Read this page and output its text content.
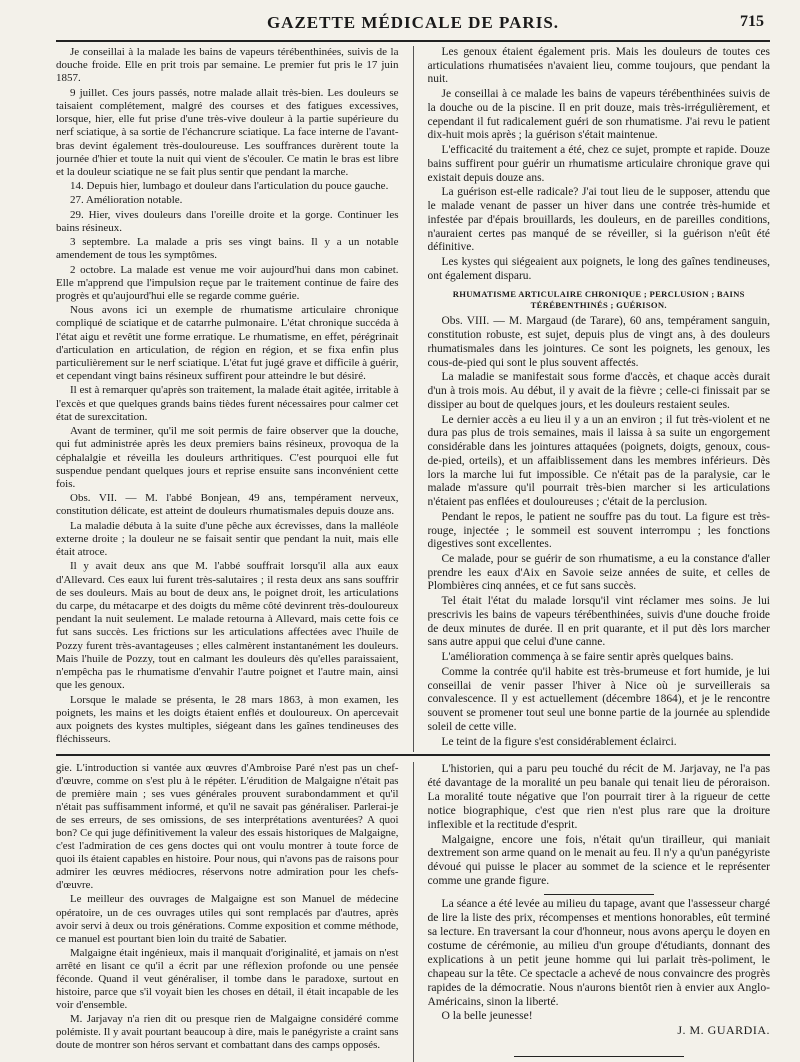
GAZETTE MÉDICALE DE PARIS.	715

Je conseillai à la malade les bains de vapeurs térébenthinées, suivis de la douche froide. Elle en prit trois par semaine. Le premier fut pris le 17 juin 1857.

9 juillet. Ces jours passés, notre malade allait très-bien. Les douleurs se taisaient complétement, malgré des courses et des fatigues excessives, lorsque, hier, elle fut prise d'une très-vive douleur à la partie supérieure du nerf sciatique, à sa sortie de l'échancrure sciatique. La face interne de l'avant-bras devint également très-douloureuse. Les souffrances durèrent toute la journée d'hier et toute la nuit qui vient de s'écouler. Ce matin le bras est libre et la douleur sciatique ne se fait plus sentir que pendant la marche.

14. Depuis hier, lumbago et douleur dans l'articulation du pouce gauche.

27. Amélioration notable.

29. Hier, vives douleurs dans l'oreille droite et la gorge. Continuer les bains résineux.

3 septembre. La malade a pris ses vingt bains. Il y a un notable amendement de tous les symptômes.

2 octobre. La malade est venue me voir aujourd'hui dans mon cabinet. Elle m'apprend que l'impulsion reçue par le traitement continue de faire des progrès et qu'aujourd'hui elle se regarde comme guérie.

Nous avons ici un exemple de rhumatisme articulaire chronique compliqué de sciatique et de catarrhe pulmonaire. L'état chronique succéda à l'état aigu et revêtit une forme erratique. Le rhumatisme, en effet, pérégrinait d'articulation en articulation, de région en région, et se fixa enfin plus particulièrement sur le nerf sciatique. L'état fut jugé grave et difficile à guérir, et cependant vingt bains résineux suffirent pour atteindre le but désiré.

Il est à remarquer qu'après son traitement, la malade était agitée, irritable à l'excès et que quelques grands bains tièdes furent nécessaires pour calmer cet état de surexcitation.

Avant de terminer, qu'il me soit permis de faire observer que la douche, qui fut administrée après les deux premiers bains résineux, provoqua de la céphalalgie et réveilla les douleurs arthritiques. C'est pourquoi elle fut suspendue pendant quelques jours et reprise ensuite sans inconvénient cette fois.

Obs. VII. — M. l'abbé Bonjean, 49 ans, tempérament nerveux, constitution délicate, est atteint de douleurs rhumatismales depuis douze ans.

La maladie débuta à la suite d'une pêche aux écrevisses, dans la malléole externe droite ; la douleur ne se faisait sentir que pendant la nuit, mais elle était atroce.

Il y avait deux ans que M. l'abbé souffrait lorsqu'il alla aux eaux d'Allevard. Ces eaux lui furent très-salutaires ; il resta deux ans sans souffrir de ses douleurs. Mais au bout de deux ans, le poignet droit, les articulations du carpe, du métacarpe et des doigts du même côté devinrent très-douloureux pendant la nuit seulement. Le malade retourna à Allevard, mais cette fois ce fut sans succès. Les frictions sur les articulations affectées avec l'huile de Pozzy furent très-avantageuses ; elles calmèrent instantanément les douleurs. Mais l'huile de Pozzy, tout en calmant les douleurs dès qu'elles paraissaient, n'empêcha pas le rhumatisme d'envahir l'autre poignet et l'autre main, ainsi que les genoux.

Lorsque le malade se présenta, le 28 mars 1863, à mon examen, les poignets, les mains et les doigts étaient enflés et douloureux. On apercevait aux poignets des kystes multiples, siégeant dans les gaînes tendineuses des fléchisseurs.

Les genoux étaient également pris. Mais les douleurs de toutes ces articulations rhumatisées n'avaient lieu, comme toujours, que pendant la nuit.

Je conseillai à ce malade les bains de vapeurs térébenthinées suivis de la douche ou de la piscine. Il en prit douze, mais très-irrégulièrement, et cependant il fut radicalement guéri de son rhumatisme. J'ai revu le patient dix-huit mois après ; la guérison s'était maintenue.

L'efficacité du traitement a été, chez ce sujet, prompte et rapide. Douze bains suffirent pour guérir un rhumatisme articulaire chronique grave qui existait depuis douze ans.

La guérison est-elle radicale? J'ai tout lieu de le supposer, attendu que le malade venant de passer un hiver dans une contrée très-humide et infestée par d'épais brouillards, les douleurs, en de pareilles conditions, n'auraient certes pas manqué de se réveiller, si la guérison n'eût été définitive.

Les kystes qui siégeaient aux poignets, le long des gaînes tendineuses, ont également disparu.

RHUMATISME ARTICULAIRE CHRONIQUE ; PERCLUSION ; BAINS TÉRÉBENTHINÉS ; GUÉRISON.

Obs. VIII. — M. Margaud (de Tarare), 60 ans, tempérament sanguin, constitution robuste, est sujet, depuis plus de vingt ans, à des douleurs rhumatismales dans les jointures. Ce sont les poignets, les genoux, les cous-de-pied qui sont le plus souvent affectés.

La maladie se manifestait sous forme d'accès, et chaque accès durait d'un à trois mois. Au début, il y avait de la fièvre ; celle-ci finissait par se dissiper au bout de quelques jours, et les douleurs restaient seules.

Le dernier accès a eu lieu il y a un an environ ; il fut très-violent et ne dura pas plus de trois semaines, mais il laissa à sa suite un engorgement considérable dans les jointures attaquées (poignets, doigts, genoux, cous-de-pied, orteils), et un affaiblissement dans les membres inférieurs. Dès lors la marche lui fut impossible. Ce n'était pas de la paralysie, car le malade m'assure qu'il pourrait très-bien marcher si les articulations n'étaient pas enflées et douloureuses ; c'était de la perclusion.

Pendant le repos, le patient ne souffre pas du tout. La figure est très-rouge, injectée ; le sommeil est souvent interrompu ; les fonctions digestives sont excellentes.

Ce malade, pour se guérir de son rhumatisme, a eu la constance d'aller prendre les eaux d'Aix en Savoie seize années de suite, et celles de Plombières cinq années, et ce fut sans succès.

Tel était l'état du malade lorsqu'il vint réclamer mes soins. Je lui prescrivis les bains de vapeurs térébenthinées, suivis d'une douche froide de deux minutes de durée. Il en prit quarante, et il put dès lors marcher sans autre appui que celui d'une canne.

L'amélioration commença à se faire sentir après quelques bains.

Comme la contrée qu'il habite est très-brumeuse et fort humide, je lui conseillai de venir passer l'hiver à Nice où je surveillerais sa convalescence. Il y est actuellement (décembre 1864), et je le rencontre souvent se promener tout seul une bonne partie de la journée au splendide soleil de cette ville.

Le teint de la figure s'est considérablement éclairci.

gie. L'introduction si vantée aux œuvres d'Ambroise Paré n'est pas un chef-d'œuvre, comme on s'est plu à le répéter. L'érudition de Malgaigne n'était pas de première main ; ses vues générales prouvent surabondamment et qu'il n'était pas suffisamment informé, et qu'il ne savait pas généraliser. Parlerai-je de ses erreurs, de ses omissions, de ses interprétations aventurées? A quoi bon? Ce qui juge définitivement la valeur des essais historiques de Malgaigne, c'est l'admiration de ces gens doctes qui ont voulu montrer à toute force de quoi ils étaient capables en histoire. Pour nous, qui n'avons pas de raisons pour admirer les œuvres médiocres, réservons notre admiration pour les chefs-d'œuvre.

Le meilleur des ouvrages de Malgaigne est son Manuel de médecine opératoire, un de ces ouvrages utiles qui sont remplacés par d'autres, après avoir servi à deux ou trois générations. Comme exposition et comme méthode, ce manuel est pourtant bien loin du traité de Sabatier.

Malgaigne était ingénieux, mais il manquait d'originalité, et jamais on n'est arrêté en lisant ce qu'il a écrit par une réflexion profonde ou une pensée féconde. Quand il veut généraliser, il tombe dans le paradoxe, surtout en histoire, parce que s'il voyait bien les choses en détail, il était incapable de les voir d'ensemble.

M. Jarjavay n'a rien dit ou presque rien de Malgaigne considéré comme polémiste. Il y avait pourtant beaucoup à dire, mais le panégyriste a craint sans doute de montrer son héros servant et combattant dans des camps opposés.

L'historien, qui a paru peu touché du récit de M. Jarjavay, ne l'a pas été davantage de la moralité un peu banale qui tenait lieu de péroraison. La moralité toute négative que l'on pourrait tirer à la rigueur de cette notice biographique, c'est que rien n'est plus rare que la droiture inflexible et la rectitude d'esprit.

Malgaigne, encore une fois, n'était qu'un tirailleur, qui maniait dextrement son arme quand on le menait au feu. Il n'y a qu'un panégyriste dévoué qui puisse le placer au sommet de la science et le représenter comme une grande figure.

La séance a été levée au milieu du tapage, avant que l'assesseur chargé de lire la liste des prix, récompenses et mentions honorables, eût terminé sa lecture. En traversant la cour d'honneur, nous avons aperçu le doyen en costume de cérémonie, au milieu d'un groupe d'étudiants, donnant des explications à un petit jeune homme qui lui parlait très-poliment, le chapeau sur la tête. Ce spectacle a achevé de nous convaincre des progrès rapides de la démocratie. Nous n'aurons bientôt rien à envier aux Anglo-Américains, sinon la liberté.

O la belle jeunesse!

J. M. GUARDIA.
